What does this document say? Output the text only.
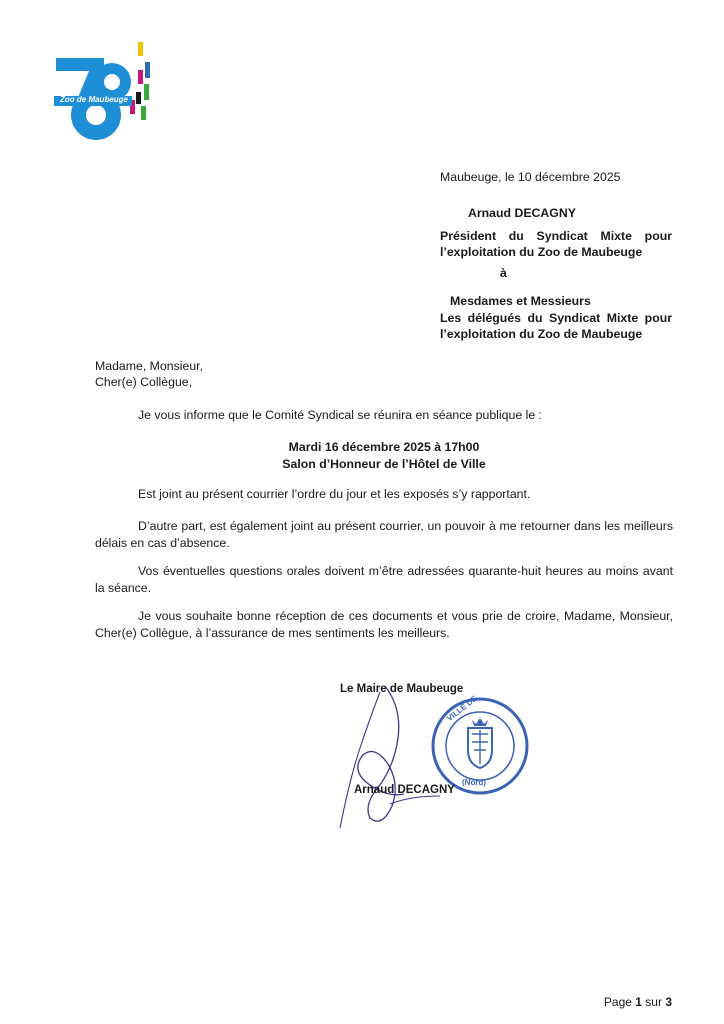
Zoo de Maubeuge
Maubeuge, le 10 décembre 2025
Arnaud DECAGNY
Président du Syndicat Mixte pour l’exploitation du Zoo de Maubeuge
à
Mesdames et Messieurs
Les délégués du Syndicat Mixte pour l’exploitation du Zoo de Maubeuge
Madame, Monsieur,
Cher(e) Collègue,
Je vous informe que le Comité Syndical se réunira en séance publique le :
Mardi 16 décembre 2025 à 17h00
Salon d’Honneur de l’Hôtel de Ville
Est joint au présent courrier l’ordre du jour et les exposés s’y rapportant.
D’autre part, est également joint au présent courrier, un pouvoir à me retourner dans les meilleurs délais en cas d’absence.
Vos éventuelles questions orales doivent m’être adressées quarante-huit heures au moins avant la séance.
Je vous souhaite bonne réception de ces documents et vous prie de croire, Madame, Monsieur, Cher(e) Collègue, à l’assurance de mes sentiments les meilleurs.
Le Maire de Maubeuge
VILLE DE
(Nord)
Arnaud DECAGNY
Page 1 sur 3
